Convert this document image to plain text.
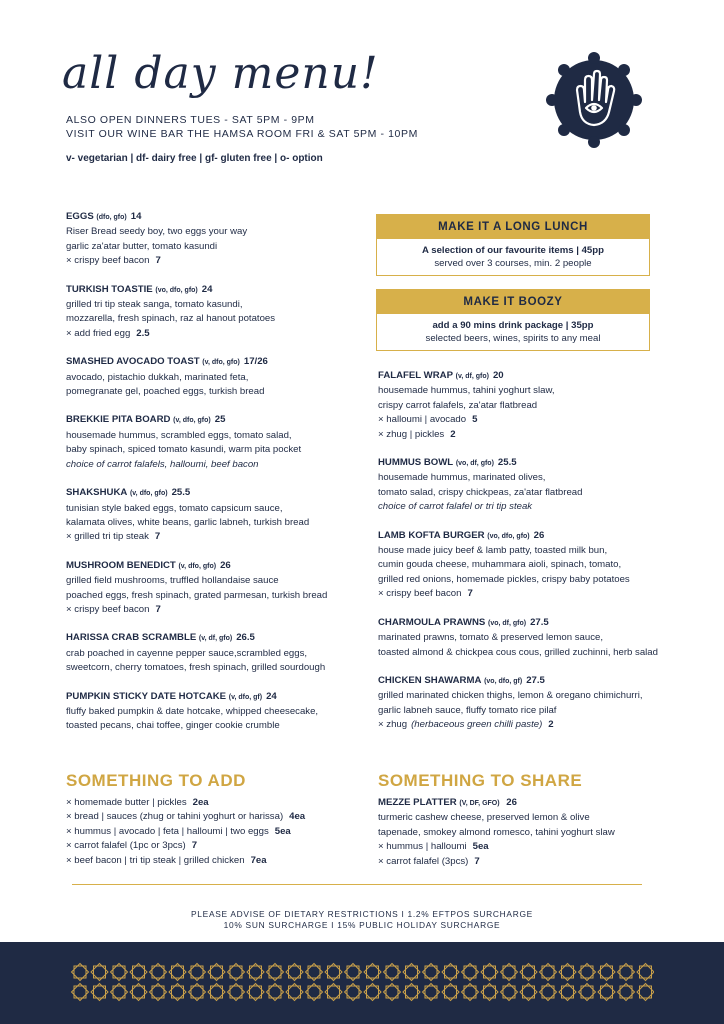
all day menu!
ALSO OPEN DINNERS TUES - SAT 5PM - 9PM
VISIT OUR WINE BAR THE HAMSA ROOM FRI & SAT 5PM - 10PM
v- vegetarian | df- dairy free | gf- gluten free | o- option
EGGS (dfo, gfo) 14
Riser Bread seedy boy, two eggs your way
garlic za'atar butter, tomato kasundi
× crispy beef bacon 7
TURKISH TOASTIE (vo, dfo, gfo) 24
grilled tri tip steak sanga, tomato kasundi,
mozzarella, fresh spinach, raz al hanout potatoes
× add fried egg 2.5
SMASHED AVOCADO TOAST (v, dfo, gfo) 17/26
avocado, pistachio dukkah, marinated feta,
pomegranate gel, poached eggs, turkish bread
BREKKIE PITA BOARD (v, dfo, gfo) 25
housemade hummus, scrambled eggs, tomato salad,
baby spinach, spiced tomato kasundi, warm pita pocket
choice of carrot falafels, halloumi, beef bacon
SHAKSHUKA (v, dfo, gfo) 25.5
tunisian style baked eggs, tomato capsicum sauce,
kalamata olives, white beans, garlic labneh, turkish bread
× grilled tri tip steak 7
MUSHROOM BENEDICT (v, dfo, gfo) 26
grilled field mushrooms, truffled hollandaise sauce
poached eggs, fresh spinach, grated parmesan, turkish bread
× crispy beef bacon 7
HARISSA CRAB SCRAMBLE (v, df, gfo) 26.5
crab poached in cayenne pepper sauce,scrambled eggs,
sweetcorn, cherry tomatoes, fresh spinach, grilled sourdough
PUMPKIN STICKY DATE HOTCAKE (v, dfo, gf) 24
fluffy baked pumpkin & date hotcake, whipped cheesecake,
toasted pecans, chai toffee, ginger cookie crumble
MAKE IT A LONG LUNCH
A selection of our favourite items | 45pp
served over 3 courses, min. 2 people
MAKE IT BOOZY
add a 90 mins drink package | 35pp
selected beers, wines, spirits to any meal
FALAFEL WRAP (v, df, gfo) 20
housemade hummus, tahini yoghurt slaw,
crispy carrot falafels, za'atar flatbread
× halloumi | avocado 5
× zhug | pickles 2
HUMMUS BOWL (vo, df, gfo) 25.5
housemade hummus, marinated olives,
tomato salad, crispy chickpeas, za'atar flatbread
choice of carrot falafel or tri tip steak
LAMB KOFTA BURGER (vo, dfo, gfo) 26
house made juicy beef & lamb patty, toasted milk bun,
cumin gouda cheese, muhammara aioli, spinach, tomato,
grilled red onions, homemade pickles, crispy baby potatoes
× crispy beef bacon 7
CHARMOULA PRAWNS (vo, df, gfo) 27.5
marinated prawns, tomato & preserved lemon sauce,
toasted almond & chickpea cous cous, grilled zuchinni, herb salad
CHICKEN SHAWARMA (vo, dfo, gf) 27.5
grilled marinated chicken thighs, lemon & oregano chimichurri,
garlic labneh sauce, fluffy tomato rice pilaf
× zhug (herbaceous green chilli paste) 2
SOMETHING TO ADD
× homemade butter | pickles 2ea
× bread | sauces (zhug or tahini yoghurt or harissa) 4ea
× hummus | avocado | feta | halloumi | two eggs 5ea
× carrot falafel (1pc or 3pcs) 7
× beef bacon | tri tip steak | grilled chicken 7ea
SOMETHING TO SHARE
MEZZE PLATTER (V, DF, GFO) 26
turmeric cashew cheese, preserved lemon & olive
tapenade, smokey almond romesco, tahini yoghurt slaw
× hummus | halloumi 5ea
× carrot falafel (3pcs) 7
PLEASE ADVISE OF DIETARY RESTRICTIONS I 1.2% EFTPOS SURCHARGE
10% SUN SURCHARGE I 15% PUBLIC HOLIDAY SURCHARGE
